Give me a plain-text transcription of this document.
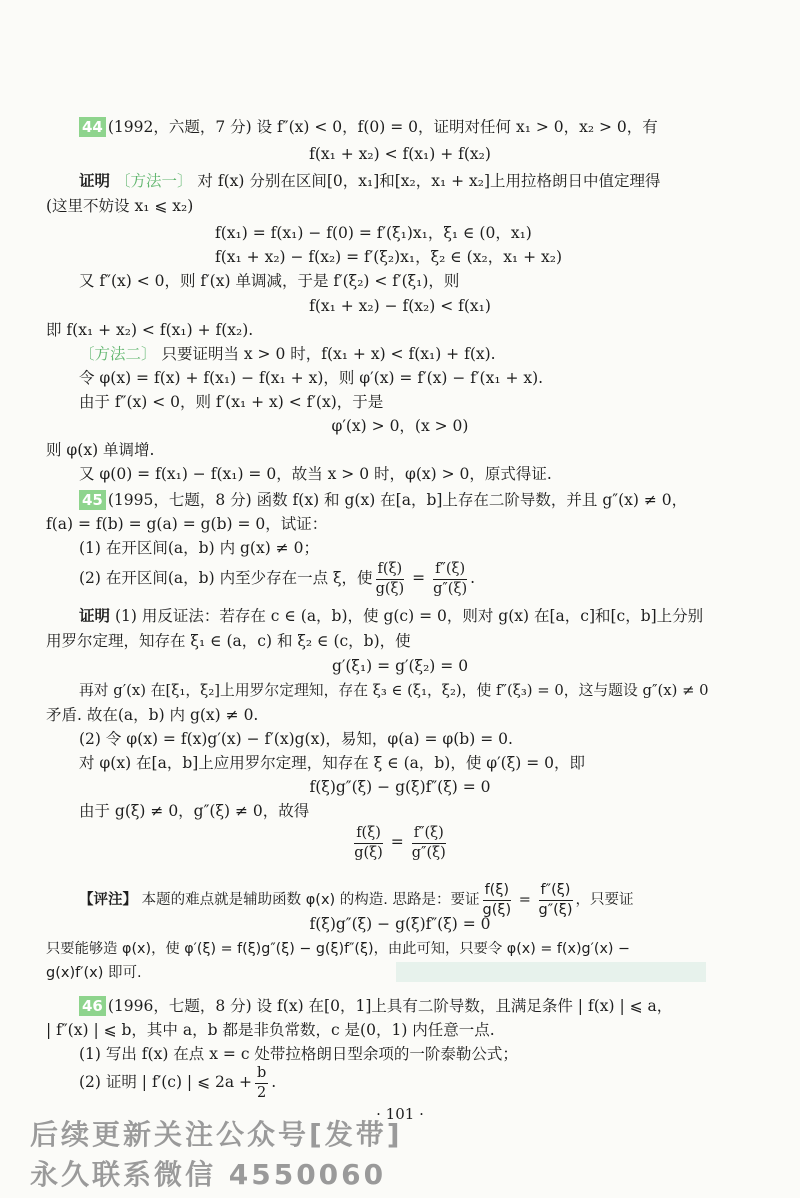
44 (1992，六题，7 分) 设 f″(x) < 0，f(0) = 0，证明对任何 x₁ > 0，x₂ > 0，有
f(x₁ + x₂) < f(x₁) + f(x₂)
证明 〔方法一〕 对 f(x) 分别在区间[0，x₁]和[x₂，x₁ + x₂]上用拉格朗日中值定理得
(这里不妨设 x₁ ⩽ x₂)
f(x₁) = f(x₁) − f(0) = f′(ξ₁)x₁，ξ₁ ∈ (0，x₁)
f(x₁ + x₂) − f(x₂) = f′(ξ₂)x₁，ξ₂ ∈ (x₂，x₁ + x₂)
又 f″(x) < 0，则 f′(x) 单调减，于是 f′(ξ₂) < f′(ξ₁)，则
f(x₁ + x₂) − f(x₂) < f(x₁)
即 f(x₁ + x₂) < f(x₁) + f(x₂).
〔方法二〕 只要证明当 x > 0 时，f(x₁ + x) < f(x₁) + f(x).
令 φ(x) = f(x) + f(x₁) − f(x₁ + x)，则 φ′(x) = f′(x) − f′(x₁ + x).
由于 f″(x) < 0，则 f′(x₁ + x) < f′(x)，于是
φ′(x) > 0，(x > 0)
则 φ(x) 单调增.
又 φ(0) = f(x₁) − f(x₁) = 0，故当 x > 0 时，φ(x) > 0，原式得证.
45 (1995，七题，8 分) 函数 f(x) 和 g(x) 在[a，b]上存在二阶导数，并且 g″(x) ≠ 0，
f(a) = f(b) = g(a) = g(b) = 0，试证：
(1) 在开区间(a，b) 内 g(x) ≠ 0；
(2) 在开区间(a，b) 内至少存在一点 ξ，使 $\frac{f(\xi)}{g(\xi)} = \frac{f''(\xi)}{g''(\xi)}$ .
证明 (1) 用反证法：若存在 c ∈ (a，b)，使 g(c) = 0，则对 g(x) 在[a，c]和[c，b]上分别
用罗尔定理，知存在 ξ₁ ∈ (a，c) 和 ξ₂ ∈ (c，b)，使
g′(ξ₁) = g′(ξ₂) = 0
再对 g′(x) 在[ξ₁，ξ₂]上用罗尔定理知，存在 ξ₃ ∈ (ξ₁，ξ₂)，使 f″(ξ₃) = 0，这与题设 g″(x) ≠ 0
矛盾. 故在(a，b) 内 g(x) ≠ 0.
(2) 令 φ(x) = f(x)g′(x) − f′(x)g(x)，易知，φ(a) = φ(b) = 0.
对 φ(x) 在[a，b]上应用罗尔定理，知存在 ξ ∈ (a，b)，使 φ′(ξ) = 0，即
f(ξ)g″(ξ) − g(ξ)f″(ξ) = 0
由于 g(ξ) ≠ 0，g″(ξ) ≠ 0，故得
$\frac{f(\xi)}{g(\xi)} = \frac{f''(\xi)}{g''(\xi)}$
【评注】 本题的难点就是辅助函数 φ(x) 的构造. 思路是：要证 $\frac{f(\xi)}{g(\xi)} = \frac{f''(\xi)}{g''(\xi)}$ ，只要证
f(ξ)g″(ξ) − g(ξ)f″(ξ) = 0
只要能够造 φ(x)，使 φ′(ξ) = f(ξ)g″(ξ) − g(ξ)f″(ξ)，由此可知，只要令 φ(x) = f(x)g′(x) −
g(x)f′(x) 即可.
46 (1996，七题，8 分) 设 f(x) 在[0，1]上具有二阶导数，且满足条件 | f(x) | ⩽ a，
| f″(x) | ⩽ b，其中 a，b 都是非负常数，c 是(0，1) 内任意一点.
(1) 写出 f(x) 在点 x = c 处带拉格朗日型余项的一阶泰勒公式；
(2) 证明 | f′(c) | ⩽ $2a + \frac{b}{2}$ .
· 101 ·
后续更新关注公众号[发带]
永久联系微信 4550060
